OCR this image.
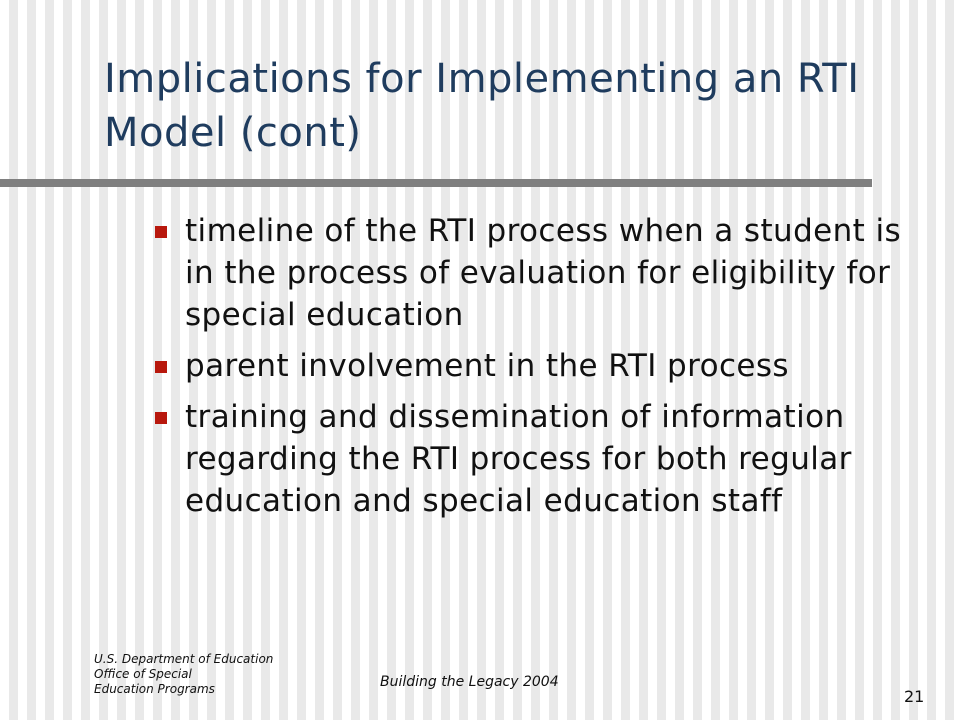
Implications for Implementing an RTI Model (cont)
timeline of the RTI process when a student is in the process of evaluation for eligibility for special education
parent involvement in the RTI process
training and dissemination of information regarding the RTI process for both regular education and special education staff
U.S. Department of Education
Office of Special
Education Programs	Building the Legacy 2004
21
